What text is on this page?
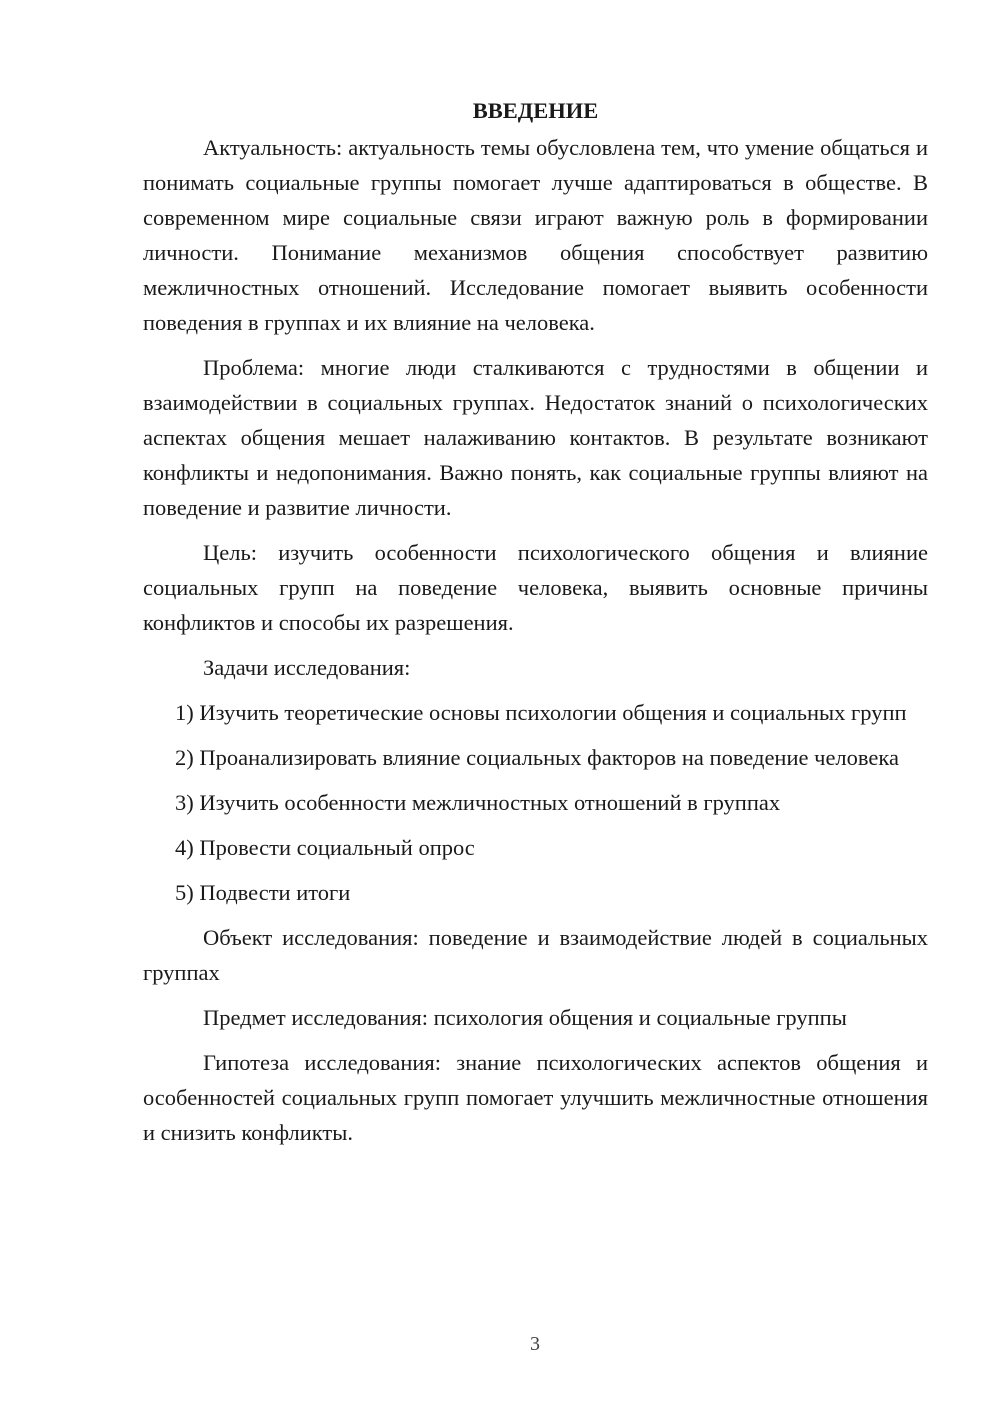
ВВЕДЕНИЕ

Актуальность: актуальность темы обусловлена тем, что умение общаться и понимать социальные группы помогает лучше адаптироваться в обществе. В современном мире социальные связи играют важную роль в формировании личности. Понимание механизмов общения способствует развитию межличностных отношений. Исследование помогает выявить особенности поведения в группах и их влияние на человека.

Проблема: многие люди сталкиваются с трудностями в общении и взаимодействии в социальных группах. Недостаток знаний о психологических аспектах общения мешает налаживанию контактов. В результате возникают конфликты и недопонимания. Важно понять, как социальные группы влияют на поведение и развитие личности.

Цель: изучить особенности психологического общения и влияние социальных групп на поведение человека, выявить основные причины конфликтов и способы их разрешения.

Задачи исследования:

1) Изучить теоретические основы психологии общения и социальных групп

2) Проанализировать влияние социальных факторов на поведение человека

3) Изучить особенности межличностных отношений в группах

4) Провести социальный опрос

5) Подвести итоги

Объект исследования: поведение и взаимодействие людей в социальных группах

Предмет исследования: психология общения и социальные группы

Гипотеза исследования: знание психологических аспектов общения и особенностей социальных групп помогает улучшить межличностные отношения и снизить конфликты.

3
